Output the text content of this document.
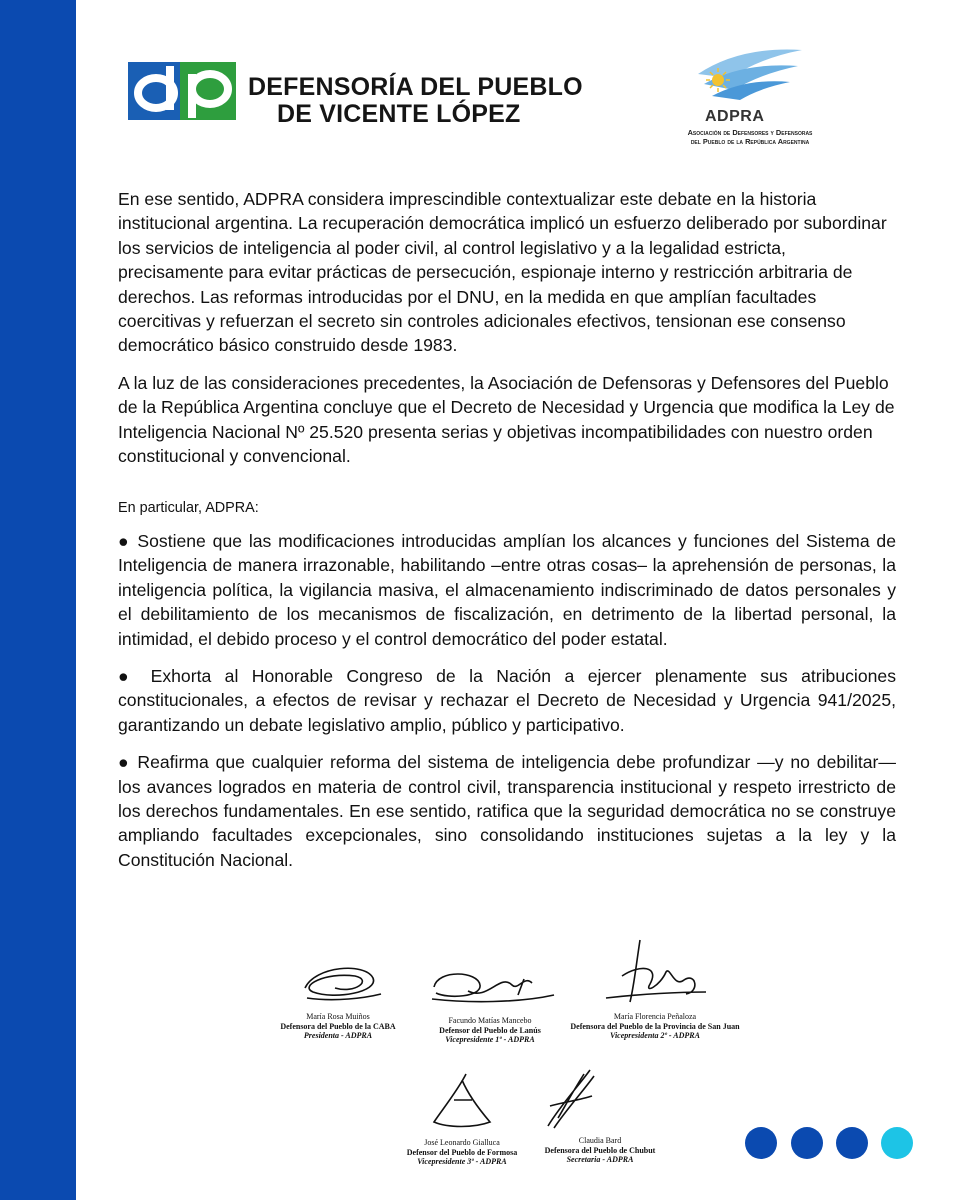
DEFENSORÍA DEL PUEBLO
DE VICENTE LÓPEZ	ADPRA
Asociación de Defensores y Defensoras
del Pueblo de la República Argentina

En ese sentido, ADPRA considera imprescindible contextualizar este debate en la historia institucional argentina. La recuperación democrática implicó un esfuerzo deliberado por subordinar los servicios de inteligencia al poder civil, al control legislativo y a la legalidad estricta, precisamente para evitar prácticas de persecución, espionaje interno y restricción arbitraria de derechos. Las reformas introducidas por el DNU, en la medida en que amplían facultades coercitivas y refuerzan el secreto sin controles adicionales efectivos, tensionan ese consenso democrático básico construido desde 1983.

A la luz de las consideraciones precedentes, la Asociación de Defensoras y Defensores del Pueblo de la República Argentina concluye que el Decreto de Necesidad y Urgencia que modifica la Ley de Inteligencia Nacional Nº 25.520 presenta serias y objetivas incompatibilidades con nuestro orden constitucional y convencional.

En particular, ADPRA:

● Sostiene que las modificaciones introducidas amplían los alcances y funciones del Sistema de Inteligencia de manera irrazonable, habilitando –entre otras cosas– la aprehensión de personas, la inteligencia política, la vigilancia masiva, el almacenamiento indiscriminado de datos personales y el debilitamiento de los mecanismos de fiscalización, en detrimento de la libertad personal, la intimidad, el debido proceso y el control democrático del poder estatal.

● Exhorta al Honorable Congreso de la Nación a ejercer plenamente sus atribuciones constitucionales, a efectos de revisar y rechazar el Decreto de Necesidad y Urgencia 941/2025, garantizando un debate legislativo amplio, público y participativo.

● Reafirma que cualquier reforma del sistema de inteligencia debe profundizar —y no debilitar— los avances logrados en materia de control civil, transparencia institucional y respeto irrestricto de los derechos fundamentales. En ese sentido, ratifica que la seguridad democrática no se construye ampliando facultades excepcionales, sino consolidando instituciones sujetas a la ley y la Constitución Nacional.

María Rosa Muiños
Defensora del Pueblo de la CABA
Presidenta - ADPRA
Facundo Matías Mancebo
Defensor del Pueblo de Lanús
Vicepresidente 1º - ADPRA
María Florencia Peñaloza
Defensora del Pueblo de la Provincia de San Juan
Vicepresidenta 2º - ADPRA
José Leonardo Gialluca
Defensor del Pueblo de Formosa
Vicepresidente 3º - ADPRA
Claudia Bard
Defensora del Pueblo de Chubut
Secretaria - ADPRA
